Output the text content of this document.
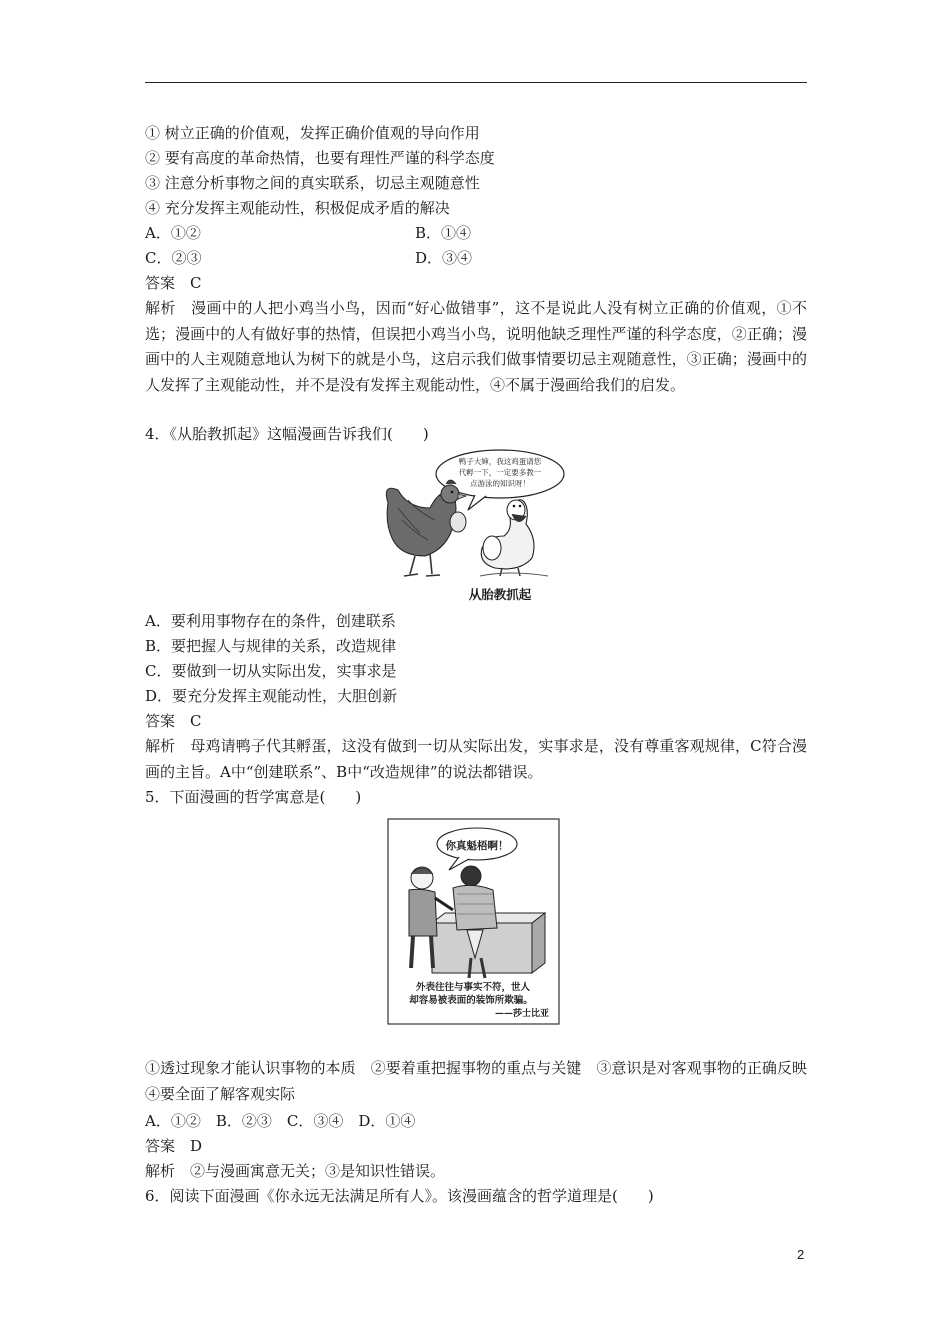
① 树立正确的价值观，发挥正确价值观的导向作用
② 要有高度的革命热情，也要有理性严谨的科学态度
③ 注意分析事物之间的真实联系，切忌主观随意性
④ 充分发挥主观能动性，积极促成矛盾的解决
A．①②	B．①④
C．②③	D．③④
答案　C
解析　漫画中的人把小鸡当小鸟，因而“好心做错事”，这不是说此人没有树立正确的价值观，①不选；漫画中的人有做好事的热情，但误把小鸡当小鸟，说明他缺乏理性严谨的科学态度，②正确；漫画中的人主观随意地认为树下的就是小鸟，这启示我们做事情要切忌主观随意性，③正确；漫画中的人发挥了主观能动性，并不是没有发挥主观能动性，④不属于漫画给我们的启发。
4．《从胎教抓起》这幅漫画告诉我们(　　)
鸭子大婶，我这鸡蛋请您
代孵一下，一定要多教一
点游泳的知识呀！
从胎教抓起
A．要利用事物存在的条件，创建联系
B．要把握人与规律的关系，改造规律
C．要做到一切从实际出发，实事求是
D．要充分发挥主观能动性，大胆创新
答案　C
解析　母鸡请鸭子代其孵蛋，这没有做到一切从实际出发，实事求是，没有尊重客观规律，C符合漫画的主旨。A中“创建联系”、B中“改造规律”的说法都错误。
5．下面漫画的哲学寓意是(　　)
你真魁梧啊！
外表往往与事实不符，世人
却容易被表面的装饰所欺骗。
——莎士比亚
①透过现象才能认识事物的本质　②要着重把握事物的重点与关键　③意识是对客观事物的正确反映　④要全面了解客观实际
A．①②　B．②③　C．③④　D．①④
答案　D
解析　②与漫画寓意无关；③是知识性错误。
6．阅读下面漫画《你永远无法满足所有人》。该漫画蕴含的哲学道理是(　　)
2
